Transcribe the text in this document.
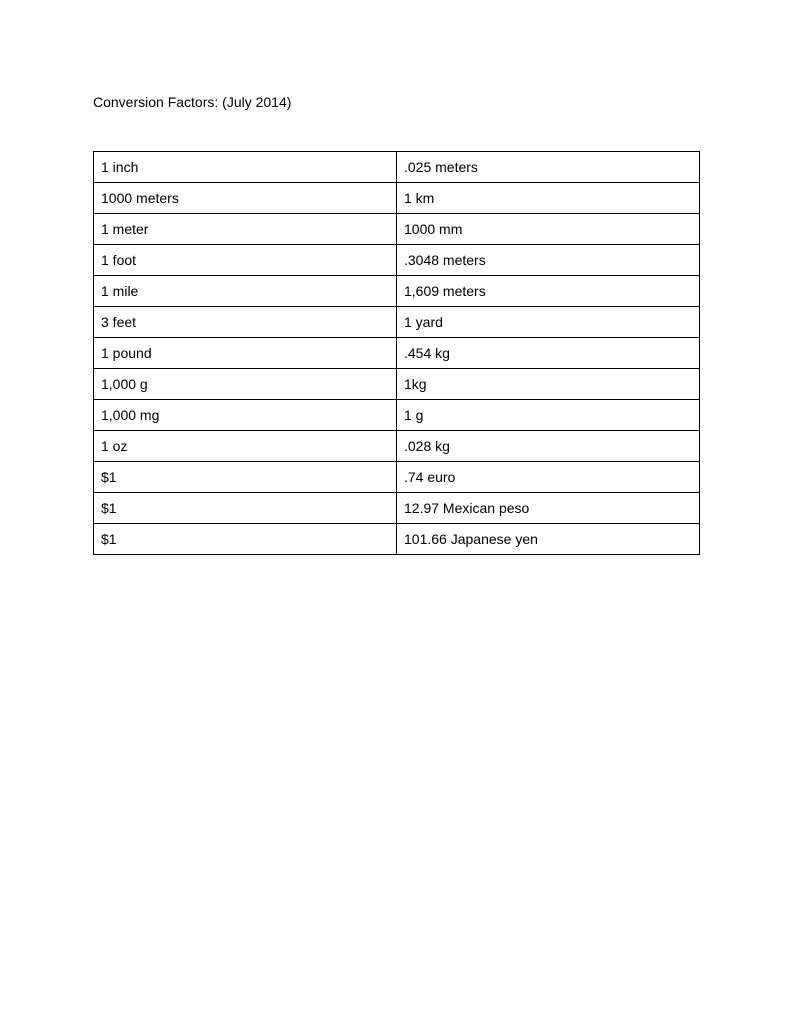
Conversion Factors: (July 2014)
1 inch	.025 meters
1000 meters	1 km
1 meter	1000 mm
1 foot	.3048 meters
1 mile	1,609 meters
3 feet	1 yard
1 pound	.454 kg
1,000 g	1kg
1,000 mg	1 g
1 oz	.028 kg
$1	.74 euro
$1	12.97 Mexican peso
$1	101.66 Japanese yen
